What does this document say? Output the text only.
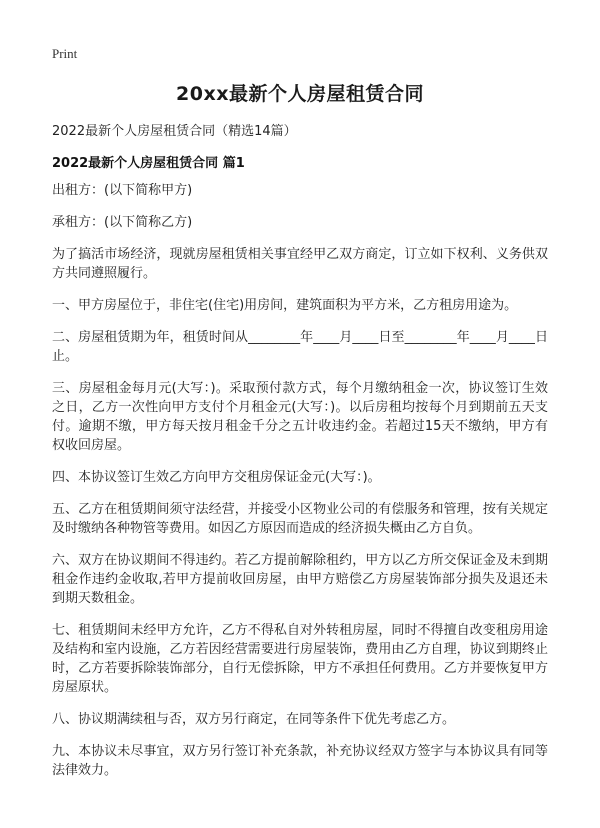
Print
20xx最新个人房屋租赁合同
2022最新个人房屋租赁合同（精选14篇）
2022最新个人房屋租赁合同 篇1

出租方：(以下简称甲方)

承租方：(以下简称乙方)

为了搞活市场经济，现就房屋租赁相关事宜经甲乙双方商定，订立如下权利、义务供双方共同遵照履行。

一、甲方房屋位于，非住宅(住宅)用房间，建筑面积为平方米，乙方租房用途为。

二、房屋租赁期为年，租赁时间从________年____月____日至________年____月____日止。

三、房屋租金每月元(大写：)。采取预付款方式，每个月缴纳租金一次，协议签订生效之日，乙方一次性向甲方支付个月租金元(大写：)。以后房租均按每个月到期前五天支付。逾期不缴，甲方每天按月租金千分之五计收违约金。若超过15天不缴纳，甲方有权收回房屋。

四、本协议签订生效乙方向甲方交租房保证金元(大写：)。

五、乙方在租赁期间须守法经营，并接受小区物业公司的有偿服务和管理，按有关规定及时缴纳各种物管等费用。如因乙方原因而造成的经济损失概由乙方自负。

六、双方在协议期间不得违约。若乙方提前解除租约，甲方以乙方所交保证金及未到期租金作违约金收取,若甲方提前收回房屋，由甲方赔偿乙方房屋装饰部分损失及退还未到期天数租金。

七、租赁期间未经甲方允许，乙方不得私自对外转租房屋，同时不得擅自改变租房用途及结构和室内设施，乙方若因经营需要进行房屋装饰，费用由乙方自理，协议到期终止时，乙方若要拆除装饰部分，自行无偿拆除，甲方不承担任何费用。乙方并要恢复甲方房屋原状。

八、协议期满续租与否，双方另行商定，在同等条件下优先考虑乙方。

九、本协议未尽事宜，双方另行签订补充条款，补充协议经双方签字与本协议具有同等法律效力。
